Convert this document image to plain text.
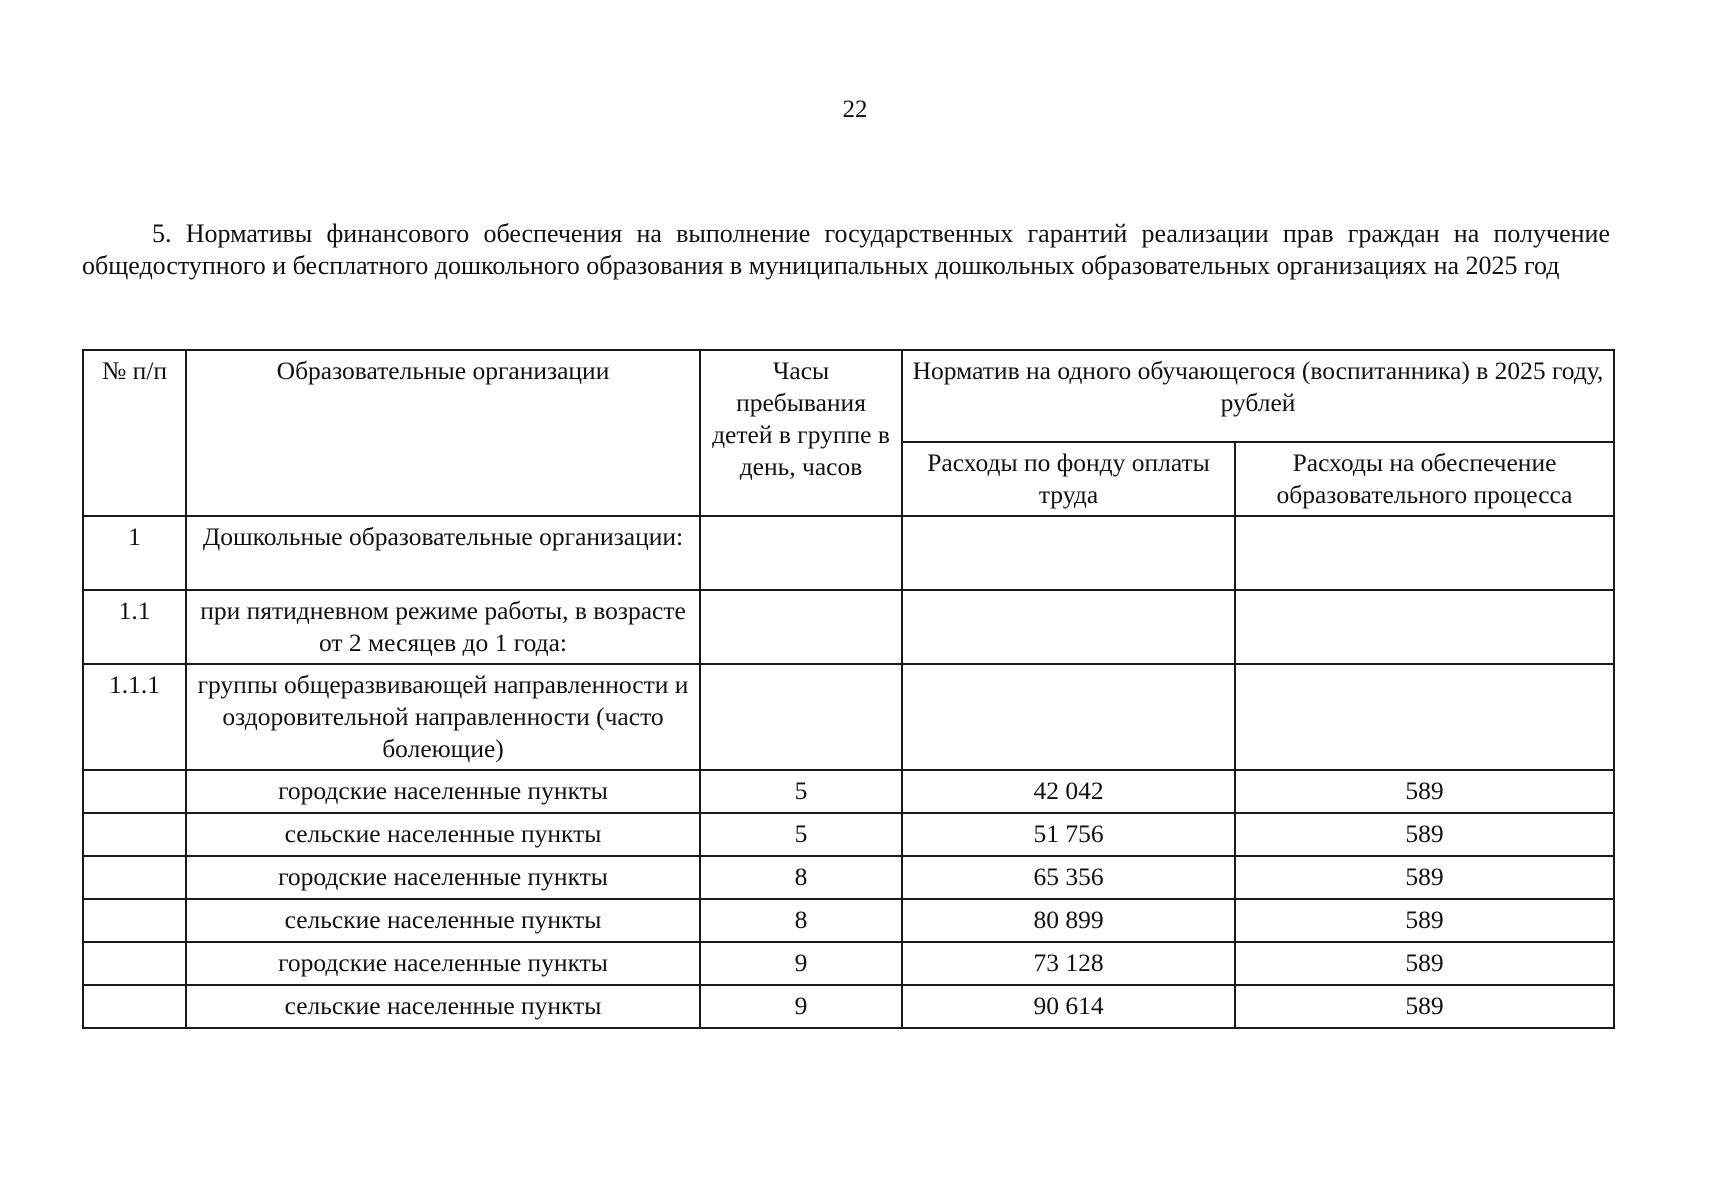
22
5. Нормативы финансового обеспечения на выполнение государственных гарантий реализации прав граждан на получение общедоступного и бесплатного дошкольного образования в муниципальных дошкольных образовательных организациях на 2025 год
№ п/п	Образовательные организации	Часы пребывания детей в группе в день, часов	Норматив на одного обучающегося (воспитанника) в 2025 году, рублей	
			Расходы по фонду оплаты труда	Расходы на обеспечение образовательного процесса
1	Дошкольные образовательные организации:			
1.1	при пятидневном режиме работы, в возрасте от 2 месяцев до 1 года:			
1.1.1	группы общеразвивающей направленности и оздоровительной направленности (часто болеющие)			
	городские населенные пункты	5	42 042	589
	сельские населенные пункты	5	51 756	589
	городские населенные пункты	8	65 356	589
	сельские населенные пункты	8	80 899	589
	городские населенные пункты	9	73 128	589
	сельские населенные пункты	9	90 614	589
